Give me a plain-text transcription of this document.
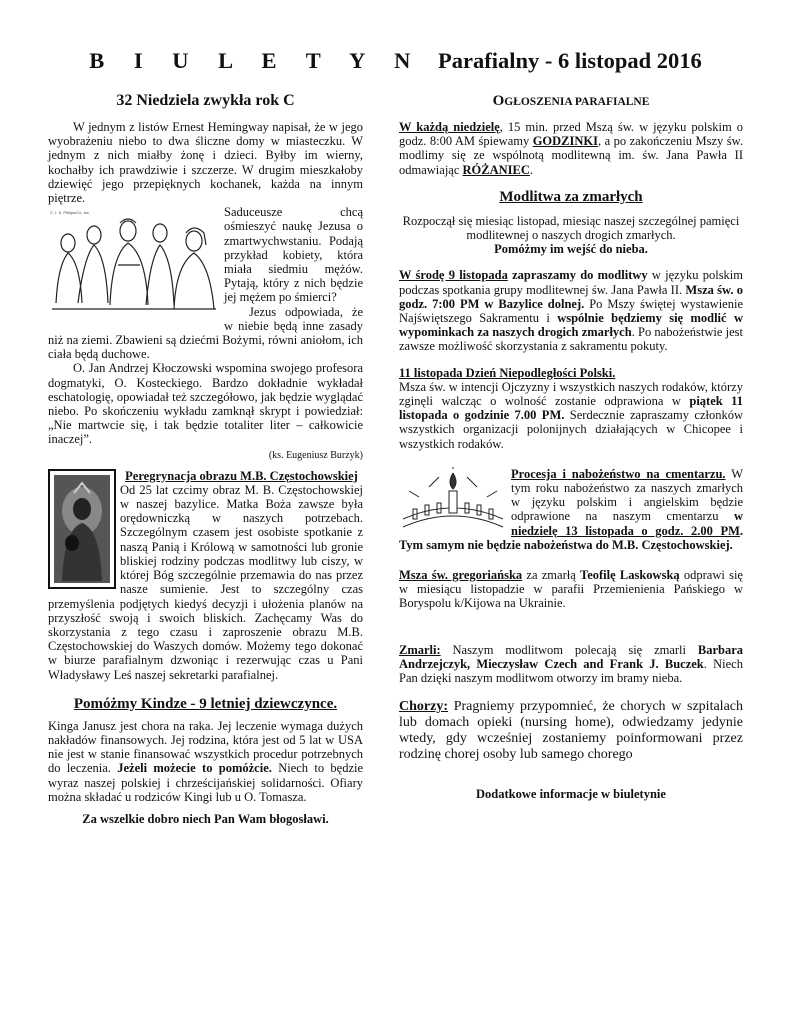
B I U L E T Y N Parafialny - 6 listopad 2016

32 Niedziela zwykła rok C

W jednym z listów Ernest Hemingway napisał, że w jego wyobrażeniu niebo to dwa śliczne domy w miasteczku. W jednym z nich miałby żonę i dzieci. Byłby im wierny, kochałby ich prawdziwie i szczerze. W drugim mieszkałoby dziewięć jego przepięknych kochanek, każda na innym piętrze.

C. I. S. Philips/Co. Inc.	Saduceusze chcą ośmieszyć naukę Jezusa o zmartwychwstaniu. Podają przykład kobiety, która miała siedmiu mężów. Pytają, który z nich będzie jej mężem po śmierci?

Jezus odpowiada, że w niebie będą inne zasady niż na ziemi. Zbawieni są dziećmi Bożymi, równi aniołom, ich ciała będą duchowe.

O. Jan Andrzej Kłoczowski wspomina swojego profesora dogmatyki, O. Kosteckiego. Bardzo dokładnie wykładał eschatologię, opowiadał też szczegółowo, jak będzie wyglądać niebo. Po skończeniu wykładu zamknął skrypt i powiedział: „Nie martwcie się, i tak będzie totaliter liter – całkowicie inaczej”.

(ks. Eugeniusz Burzyk)

Peregrynacja obrazu M.B. Częstochowskiej

Od 25 lat czcimy obraz M. B. Częstochowskiej w naszej bazylice. Matka Boża zawsze była orędowniczką w naszych potrzebach. Szczególnym czasem jest osobiste spotkanie z naszą Panią i Królową w samotności lub gronie bliskiej rodziny podczas modlitwy lub ciszy, w której Bóg szczególnie przemawia do nas przez nasze sumienie. Jest to szczególny czas przemyślenia podjętych kiedyś decyzji i ułożenia planów na przyszłość swoją i swoich bliskich. Zachęcamy Was do skorzystania z tego czasu i zaproszenie obrazu M.B. Częstochowskiej do Waszych domów. Możemy tego dokonać w biurze parafialnym dzwoniąc i rezerwując czas u Pani Władysławy Leś naszej sekretarki parafialnej.

Pomóżmy Kindze - 9 letniej dziewczynce.

Kinga Janusz jest chora na raka. Jej leczenie wymaga dużych nakładów finansowych. Jej rodzina, która jest od 5 lat w USA nie jest w stanie finansować wszystkich procedur potrzebnych do leczenia. Jeżeli możecie to pomóżcie. Niech to będzie wyraz naszej polskiej i chrześcijańskiej solidarności. Ofiary można składać u rodziców Kingi lub u O. Tomasza.

Za wszelkie dobro niech Pan Wam błogosławi.

OGŁOSZENIA PARAFIALNE

W każdą niedzielę, 15 min. przed Mszą św. w języku polskim o godz. 8:00 AM śpiewamy GODZINKI, a po zakończeniu Mszy św. modlimy się ze wspólnotą modlitewną im. św. Jana Pawła II odmawiając RÓŻANIEC.

Modlitwa za zmarłych

Rozpoczął się miesiąc listopad, miesiąc naszej szczególnej pamięci modlitewnej o naszych drogich zmarłych.

Pomóżmy im wejść do nieba.

W środę 9 listopada zapraszamy do modlitwy w języku polskim podczas spotkania grupy modlitewnej św. Jana Pawła II. Msza św. o godz. 7:00 PM w Bazylice dolnej. Po Mszy świętej wystawienie Najświętszego Sakramentu i wspólnie będziemy się modlić w wypominkach za naszych drogich zmarłych. Po nabożeństwie jest zawsze możliwość skorzystania z sakramentu pokuty.

11 listopada Dzień Niepodległości Polski.
Msza św. w intencji Ojczyzny i wszystkich naszych rodaków, którzy zginęli walcząc o wolność zostanie odprawiona w piątek 11 listopada o godzinie 7.00 PM. Serdecznie zapraszamy członków wszystkich organizacji polonijnych działających w Chicopee i wszystkich rodaków.

Procesja i nabożeństwo na cmentarzu. W tym roku nabożeństwo za naszych zmarłych w języku polskim i angielskim będzie odprawione na naszym cmentarzu w niedzielę 13 listopada o godz. 2.00 PM. Tym samym nie będzie nabożeństwa do M.B. Częstochowskiej.

Msza św. gregoriańska za zmarłą Teofilę Laskowską odprawi się w miesiącu listopadzie w parafii Przemienienia Pańskiego w Boryspolu k/Kijowa na Ukrainie.

Zmarli: Naszym modlitwom polecają się zmarli Barbara Andrzejczyk, Mieczysław Czech and Frank J. Buczek. Niech Pan dzięki naszym modlitwom otworzy im bramy nieba.

Chorzy: Pragniemy przypomnieć, że chorych w szpitalach lub domach opieki (nursing home), odwiedzamy jedynie wtedy, gdy wcześniej zostaniemy poinformowani przez rodzinę chorej osoby lub samego chorego

Dodatkowe informacje w biuletynie
